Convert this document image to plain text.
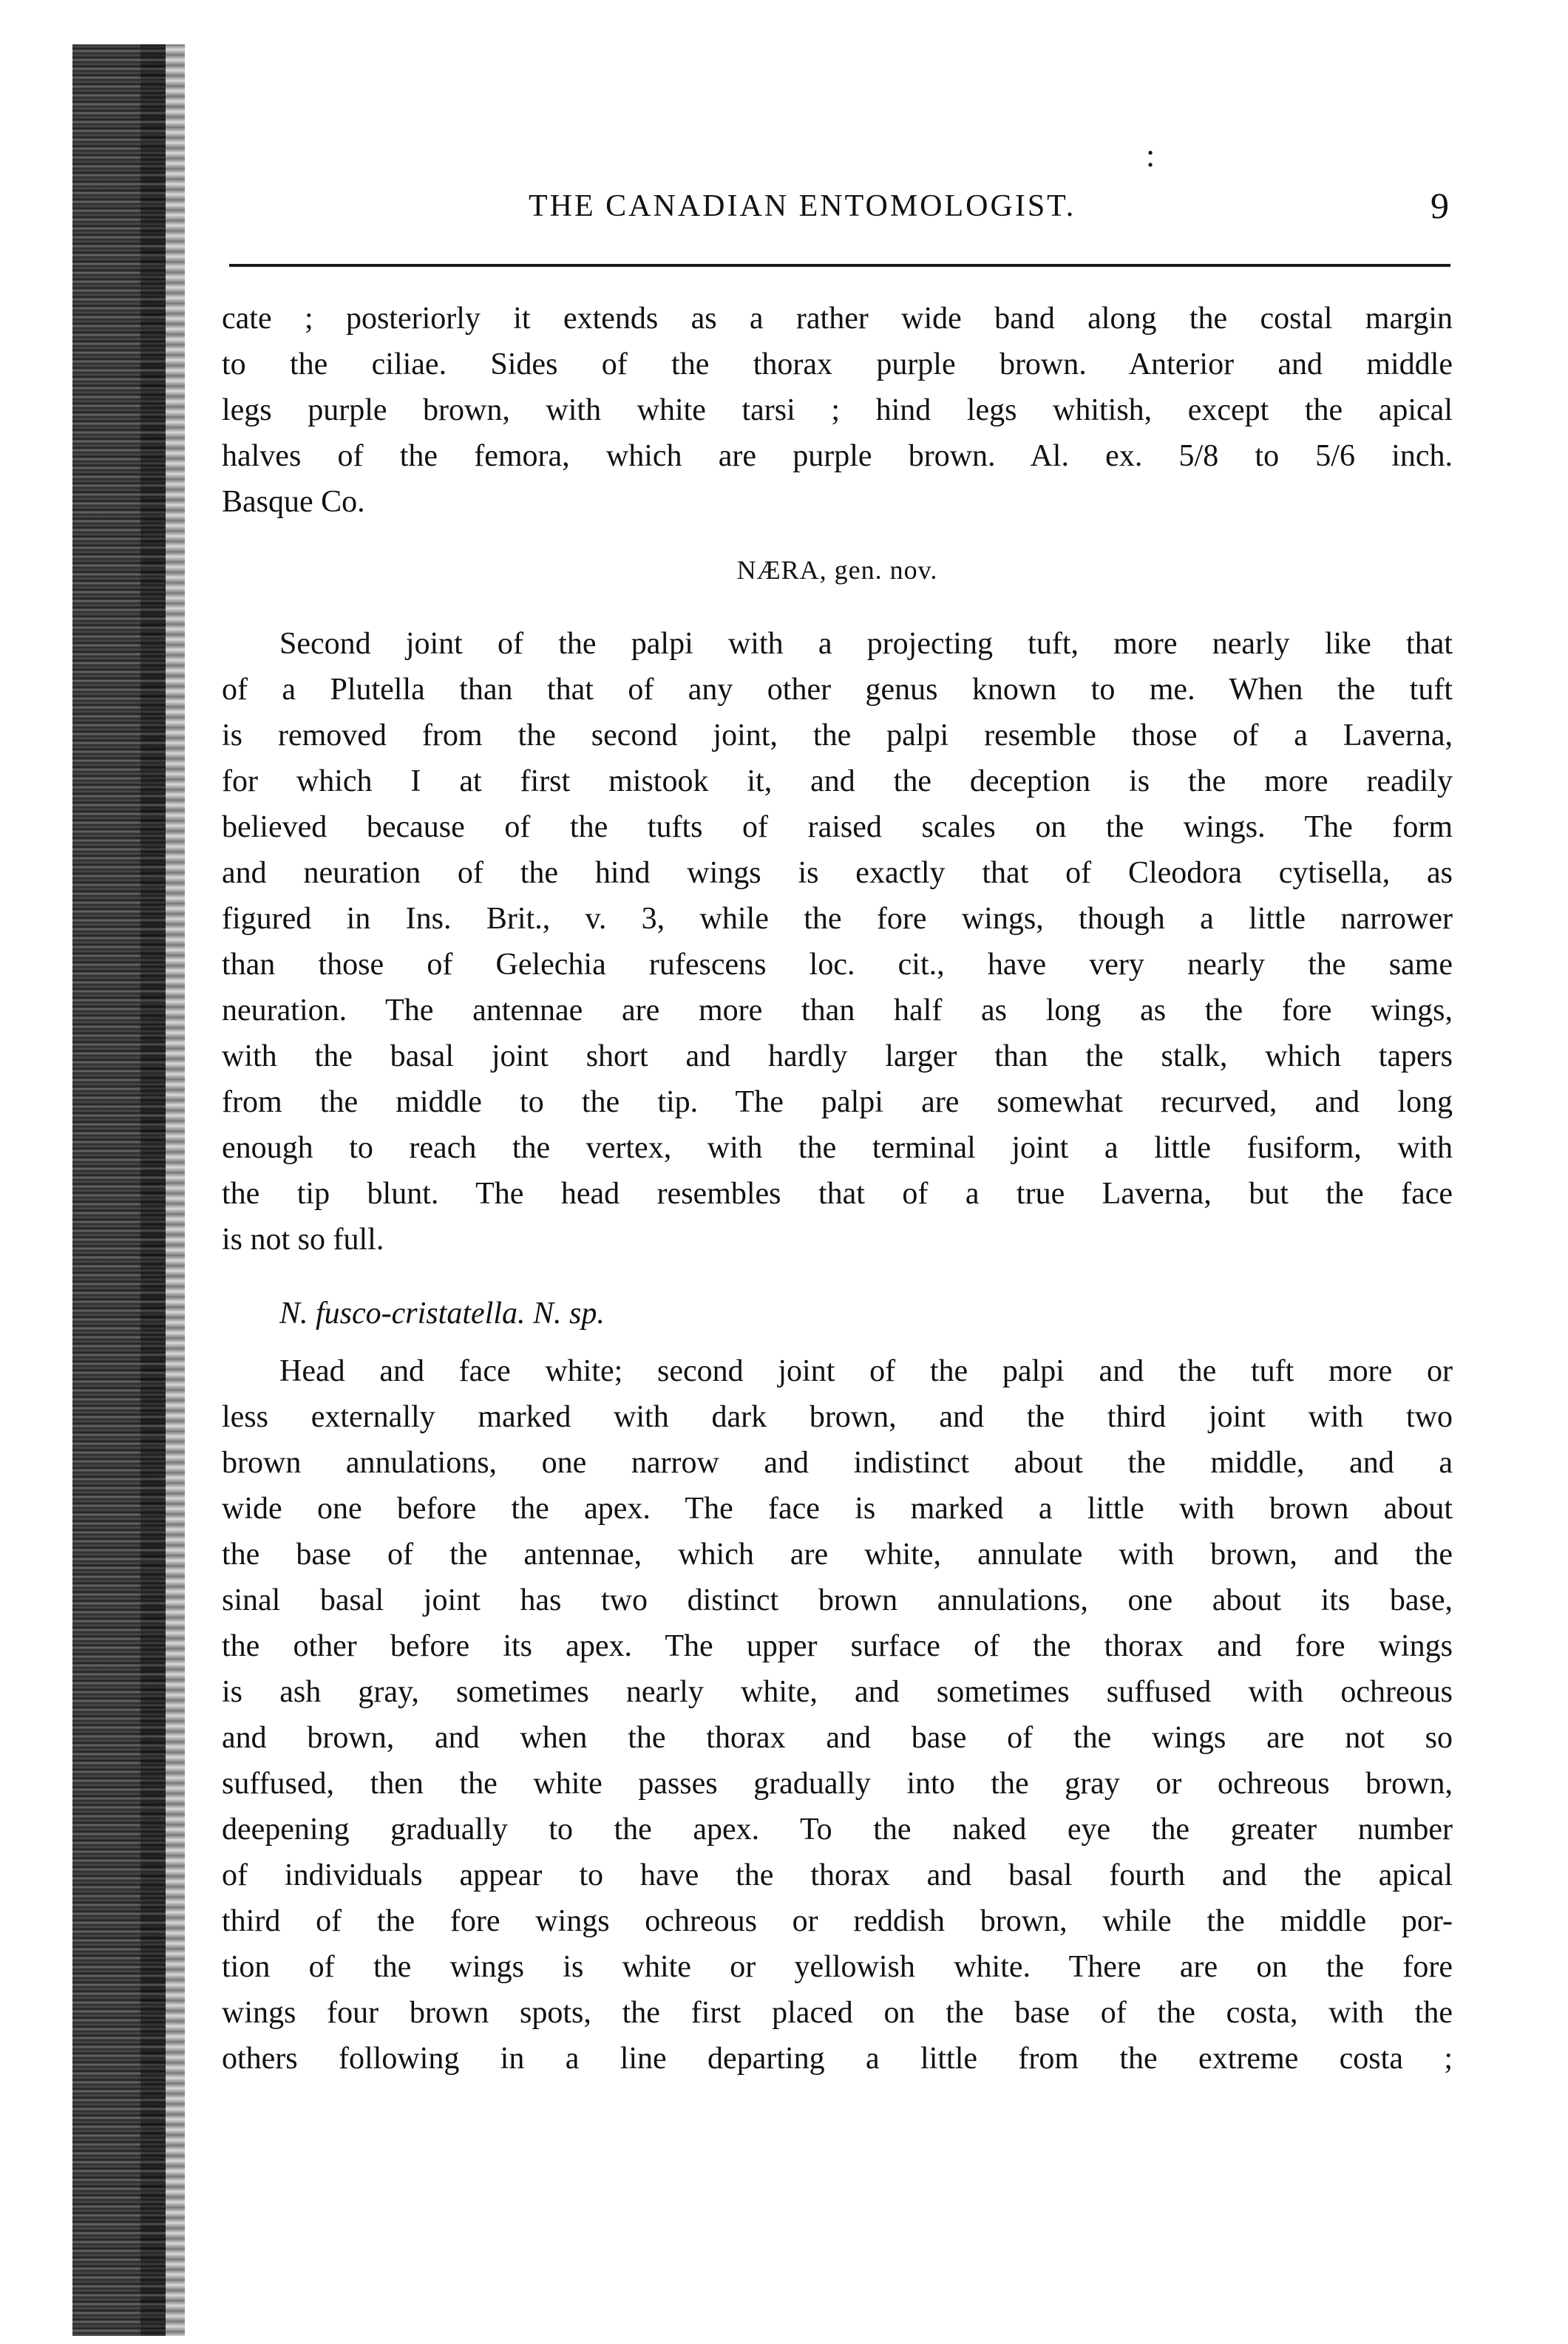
:
THE CANADIAN ENTOMOLOGIST.	9
cate ; posteriorly it extends as a rather wide band along the costal margin
to the ciliae. Sides of the thorax purple brown. Anterior and middle
legs purple brown, with white tarsi ; hind legs whitish, except the apical
halves of the femora, which are purple brown. Al. ex. 5/8 to 5/6 inch.
Basque Co.
NÆRA, gen. nov.
Second joint of the palpi with a projecting tuft, more nearly like that
of a Plutella than that of any other genus known to me. When the tuft
is removed from the second joint, the palpi resemble those of a Laverna,
for which I at first mistook it, and the deception is the more readily
believed because of the tufts of raised scales on the wings. The form
and neuration of the hind wings is exactly that of Cleodora cytisella, as
figured in Ins. Brit., v. 3, while the fore wings, though a little narrower
than those of Gelechia rufescens loc. cit., have very nearly the same
neuration. The antennae are more than half as long as the fore wings,
with the basal joint short and hardly larger than the stalk, which tapers
from the middle to the tip. The palpi are somewhat recurved, and long
enough to reach the vertex, with the terminal joint a little fusiform, with
the tip blunt. The head resembles that of a true Laverna, but the face
is not so full.
N. fusco-cristatella. N. sp.
Head and face white; second joint of the palpi and the tuft more or
less externally marked with dark brown, and the third joint with two
brown annulations, one narrow and indistinct about the middle, and a
wide one before the apex. The face is marked a little with brown about
the base of the antennae, which are white, annulate with brown, and the
sinal basal joint has two distinct brown annulations, one about its base,
the other before its apex. The upper surface of the thorax and fore wings
is ash gray, sometimes nearly white, and sometimes suffused with ochreous
and brown, and when the thorax and base of the wings are not so
suffused, then the white passes gradually into the gray or ochreous brown,
deepening gradually to the apex. To the naked eye the greater number
of individuals appear to have the thorax and basal fourth and the apical
third of the fore wings ochreous or reddish brown, while the middle por-
tion of the wings is white or yellowish white. There are on the fore
wings four brown spots, the first placed on the base of the costa, with the
others following in a line departing a little from the extreme costa ;
